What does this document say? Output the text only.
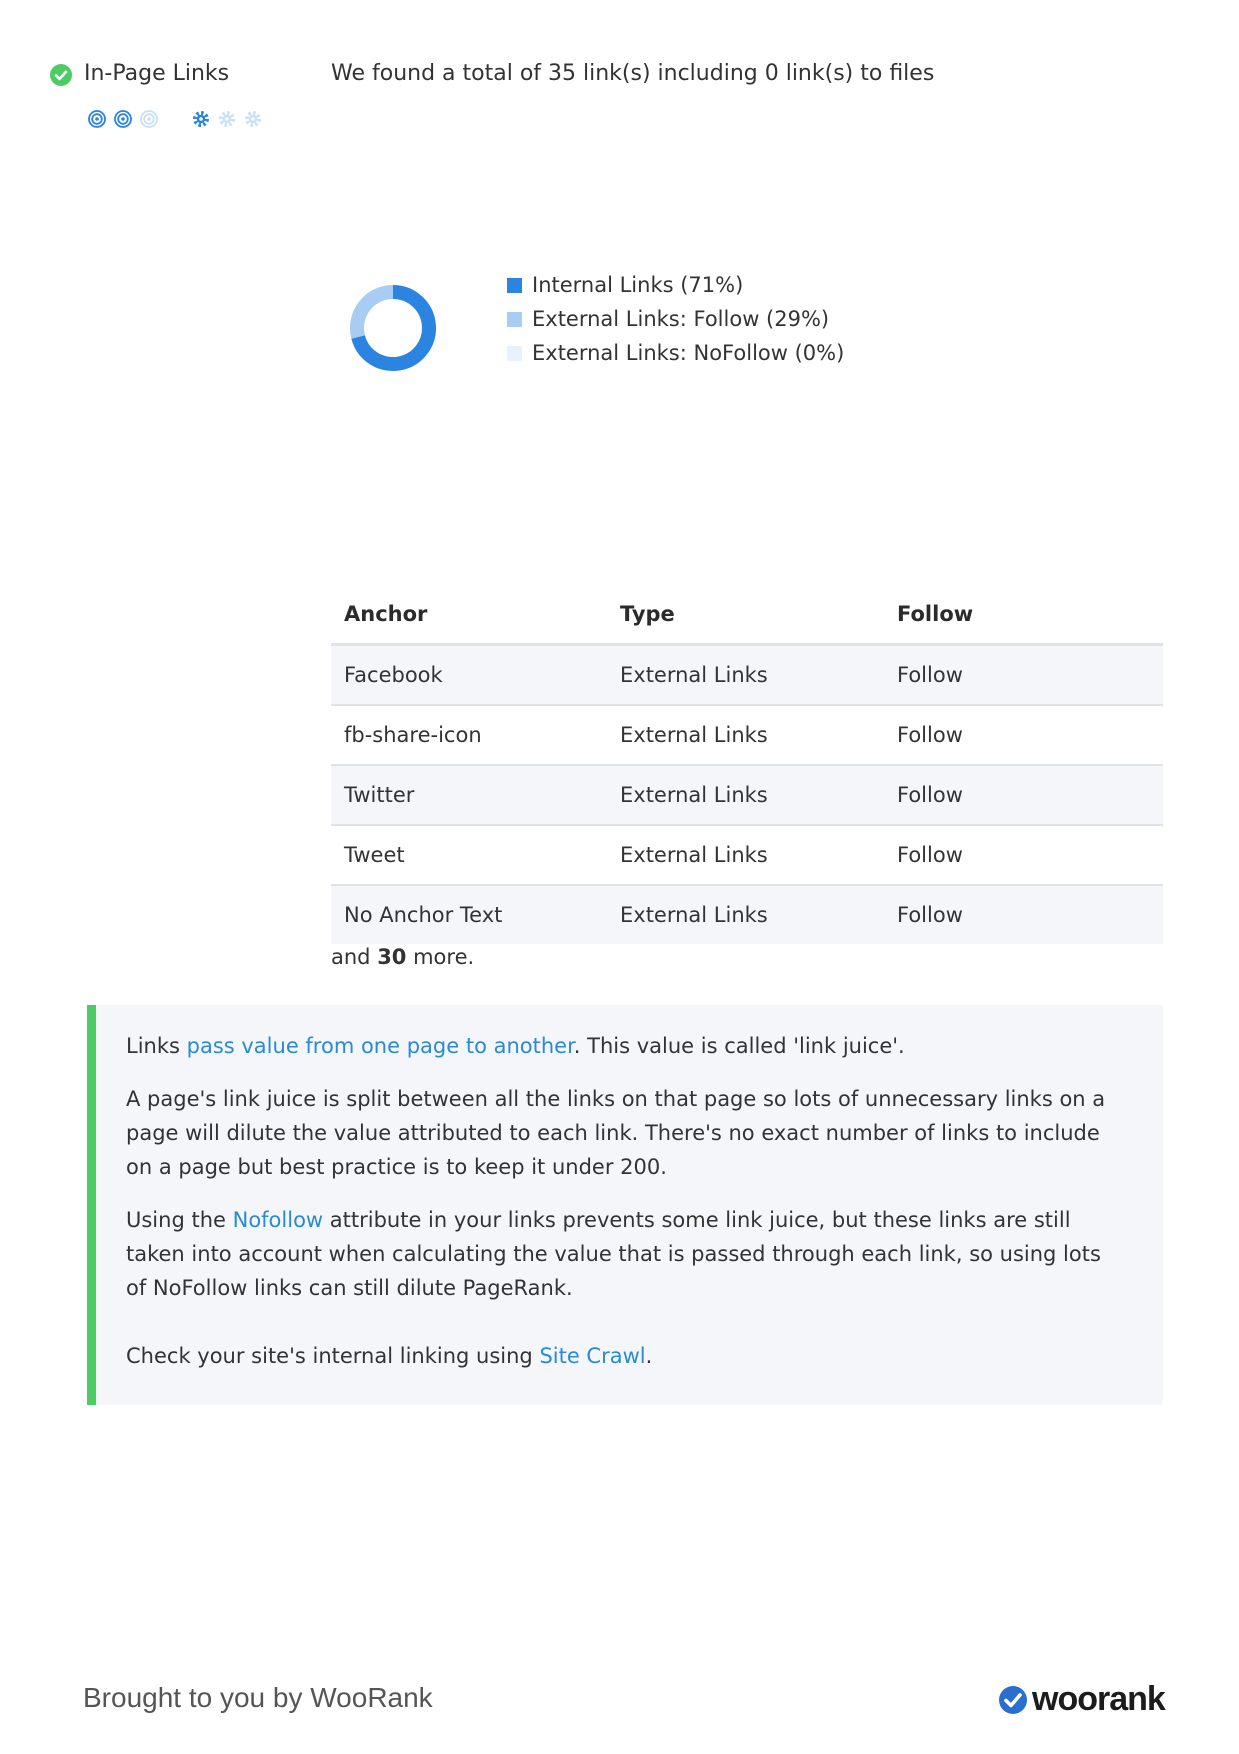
In-Page Links	We found a total of 35 link(s) including 0 link(s) to files
Internal Links (71%)
External Links: Follow (29%)
External Links: NoFollow (0%)
Anchor	Type	Follow
Facebook	External Links	Follow
fb-share-icon	External Links	Follow
Twitter	External Links	Follow
Tweet	External Links	Follow
No Anchor Text	External Links	Follow
and 30 more.

Links pass value from one page to another. This value is called 'link juice'.

A page's link juice is split between all the links on that page so lots of unnecessary links on a page will dilute the value attributed to each link. There's no exact number of links to include on a page but best practice is to keep it under 200.

Using the Nofollow attribute in your links prevents some link juice, but these links are still taken into account when calculating the value that is passed through each link, so using lots of NoFollow links can still dilute PageRank.

Check your site's internal linking using Site Crawl.

Brought to you by WooRank	woorank
